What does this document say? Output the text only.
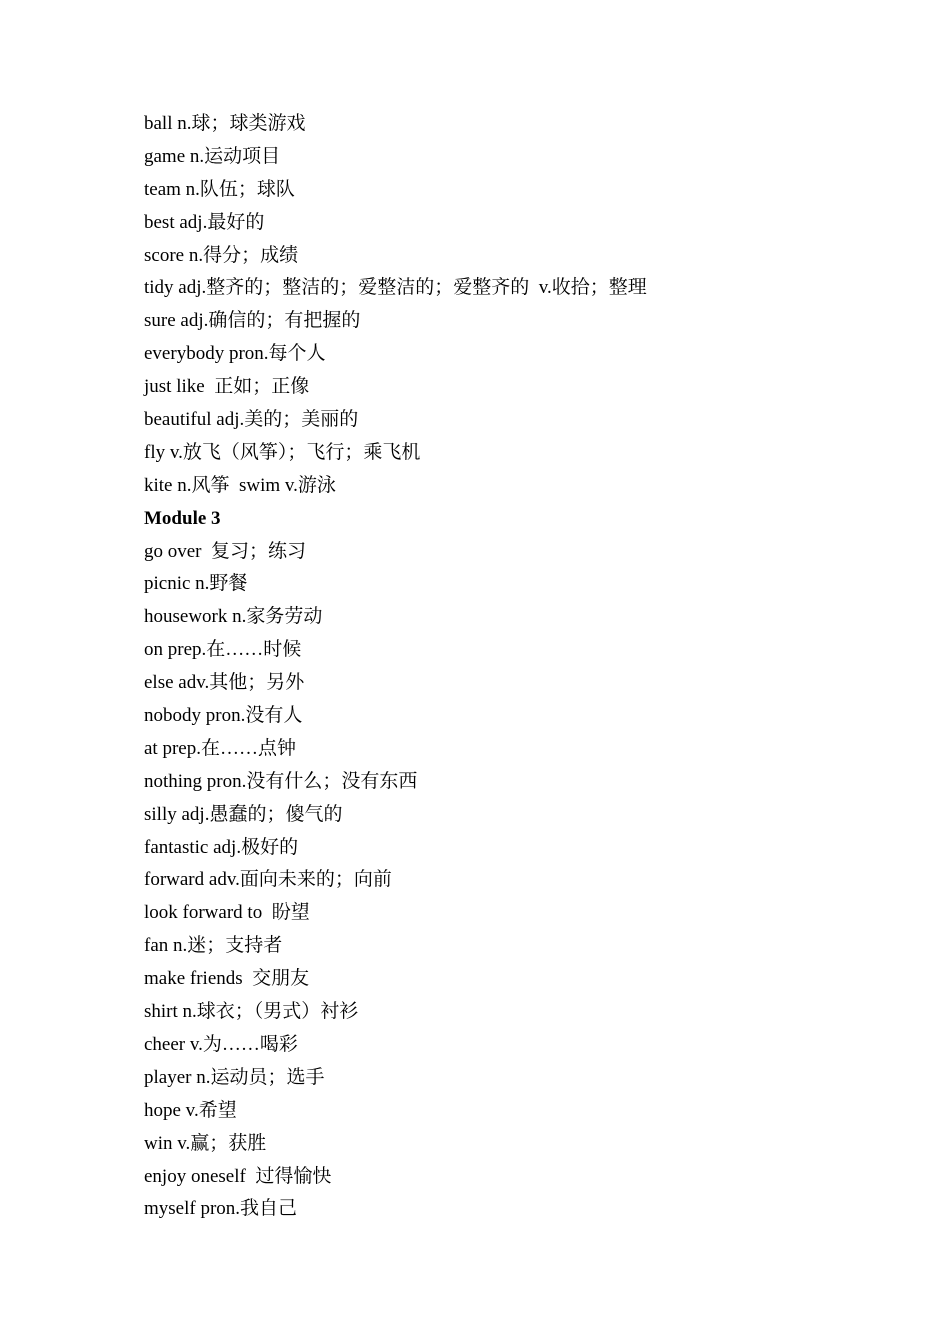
ball n.球；球类游戏
game n.运动项目
team n.队伍；球队
best adj.最好的
score n.得分；成绩
tidy adj.整齐的；整洁的；爱整洁的；爱整齐的  v.收拾；整理
sure adj.确信的；有把握的
everybody pron.每个人
just like  正如；正像
beautiful adj.美的；美丽的
fly v.放飞（风筝）；飞行；乘飞机
kite n.风筝  swim v.游泳
Module 3
go over  复习；练习
picnic n.野餐
housework n.家务劳动
on prep.在……时候
else adv.其他；另外
nobody pron.没有人
at prep.在……点钟
nothing pron.没有什么；没有东西
silly adj.愚蠢的；傻气的
fantastic adj.极好的
forward adv.面向未来的；向前
look forward to  盼望
fan n.迷；支持者
make friends  交朋友
shirt n.球衣；（男式）衬衫
cheer v.为……喝彩
player n.运动员；选手
hope v.希望
win v.赢；获胜
enjoy oneself  过得愉快
myself pron.我自己
